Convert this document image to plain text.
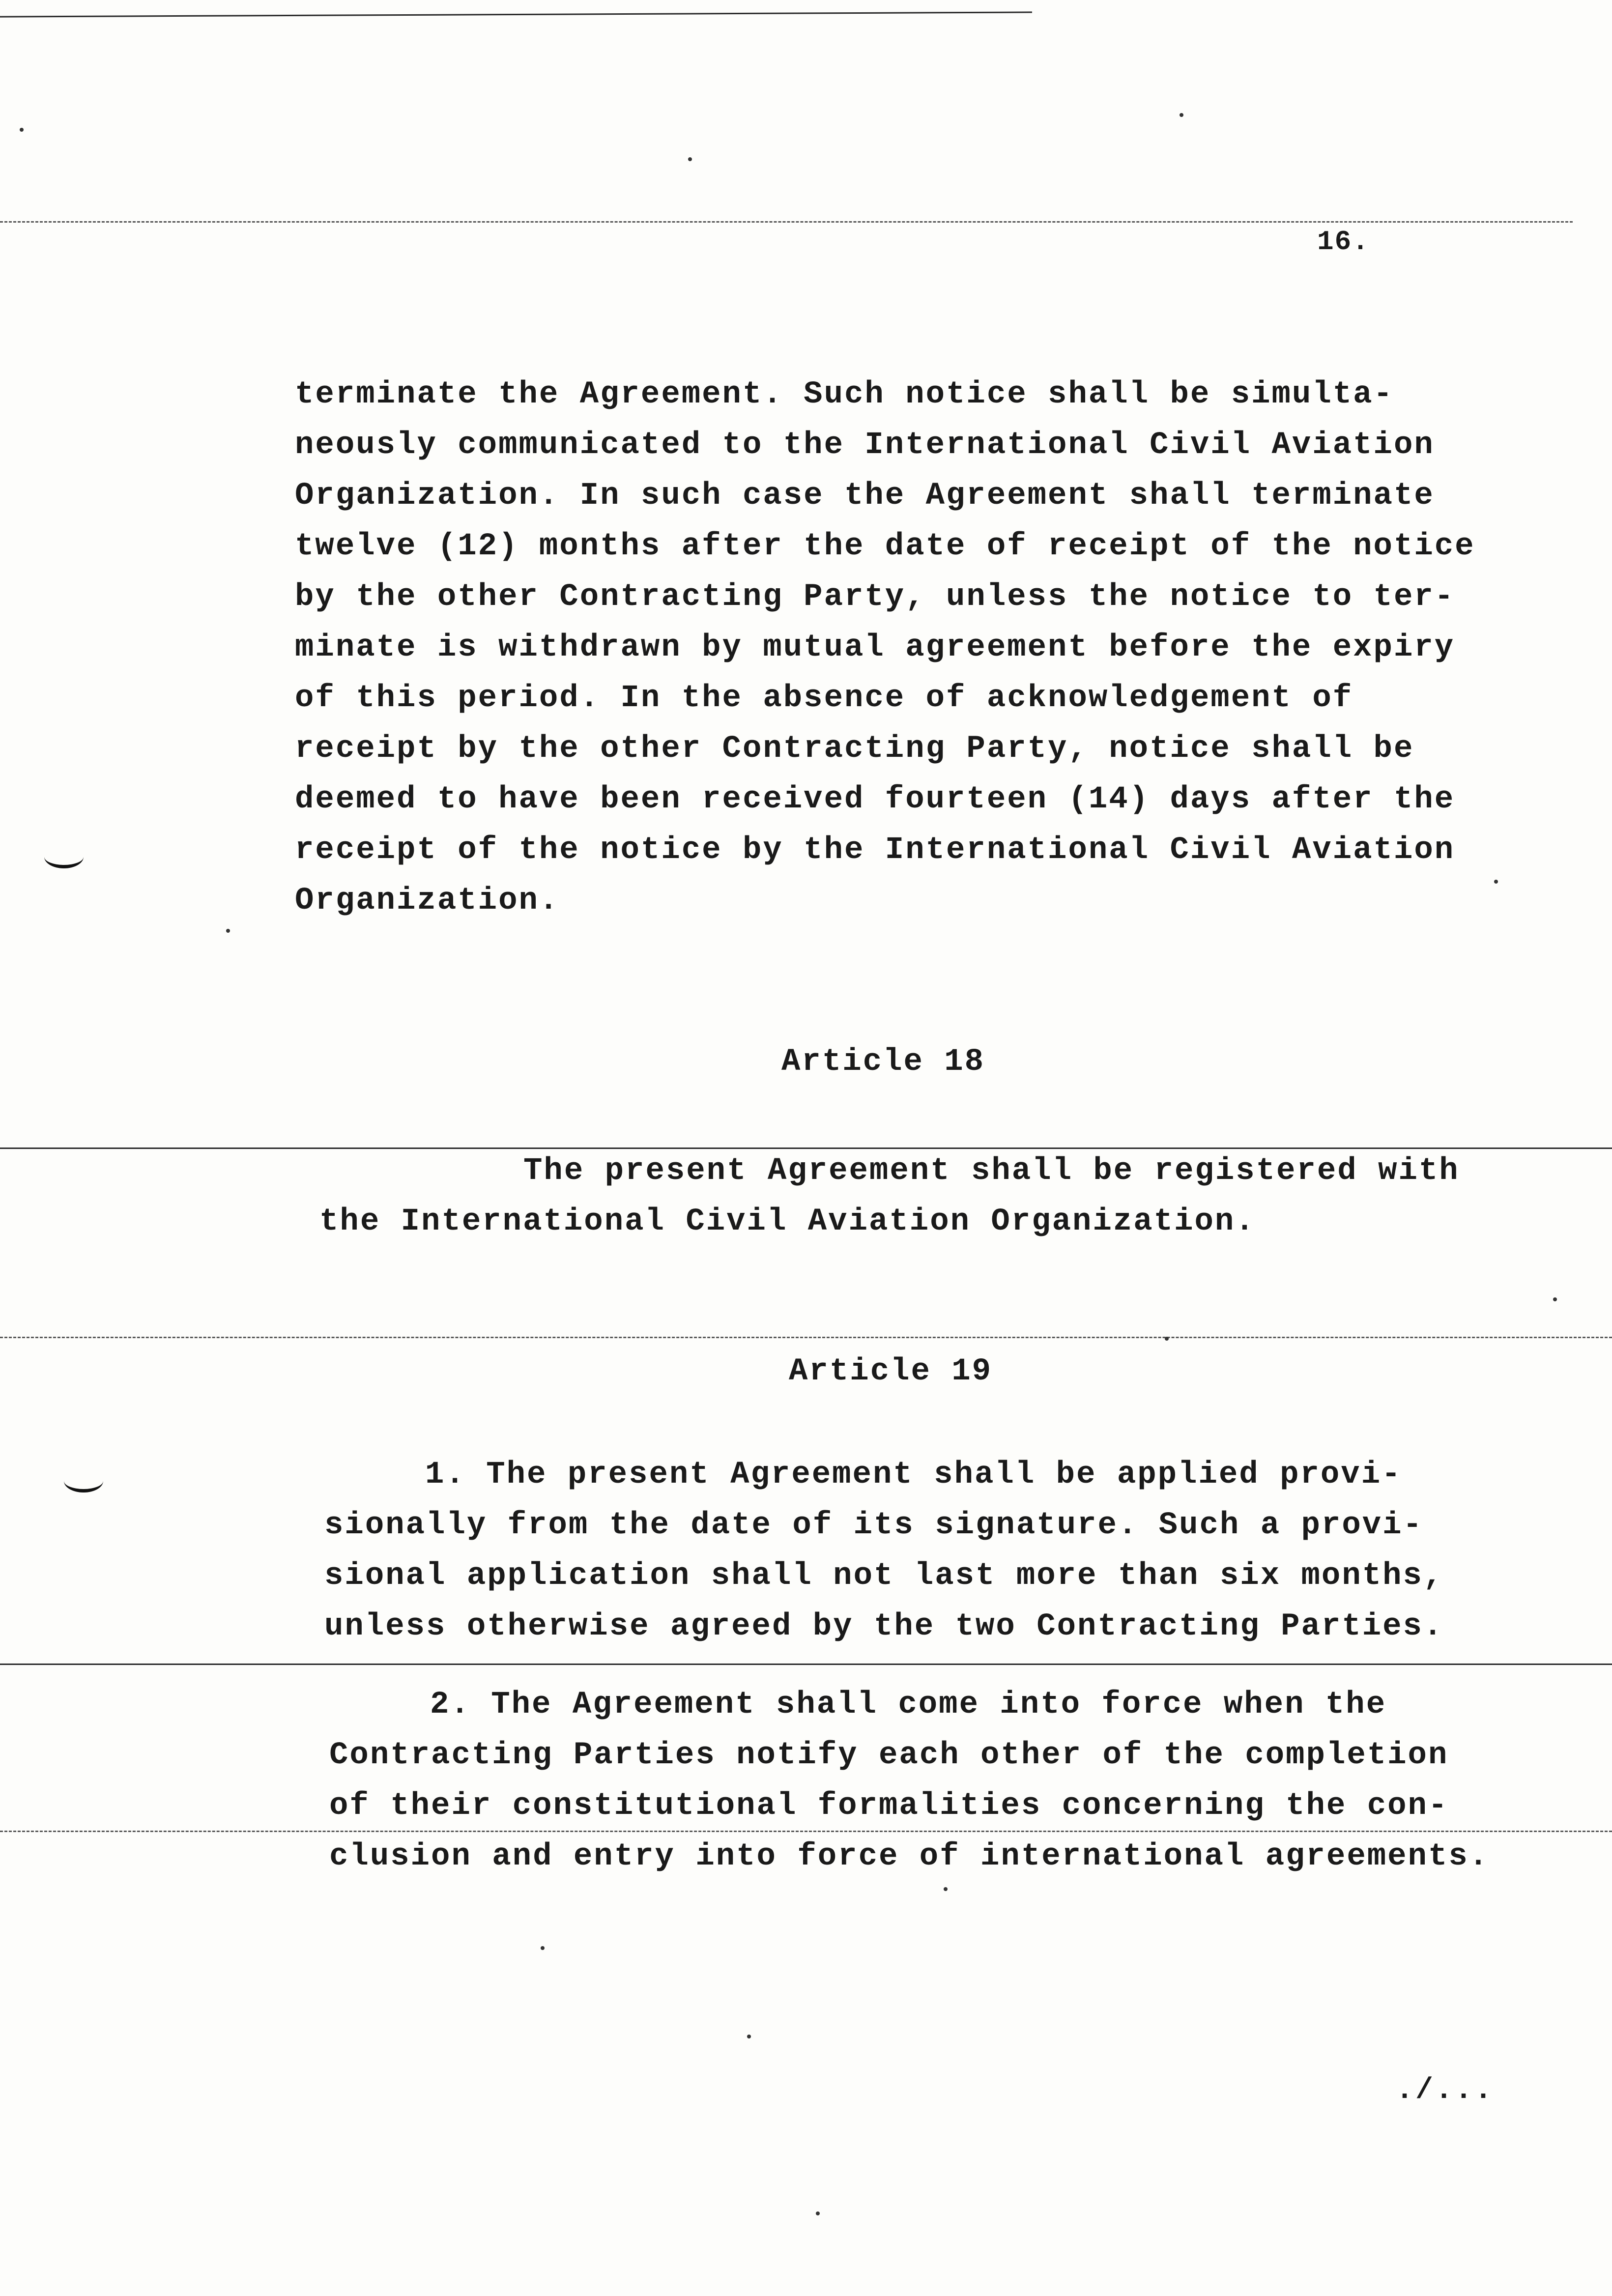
16.
terminate the Agreement. Such notice shall be simulta-
neously communicated to the International Civil Aviation
Organization. In such case the Agreement shall terminate
twelve (12) months after the date of receipt of the notice
by the other Contracting Party, unless the notice to ter-
minate is withdrawn by mutual agreement before the expiry
of this period. In the absence of acknowledgement of
receipt by the other Contracting Party, notice shall be
deemed to have been received fourteen (14) days after the
receipt of the notice by the International Civil Aviation
Organization.
Article 18
The present Agreement shall be registered with
the International Civil Aviation Organization.
Article 19
1. The present Agreement shall be applied provi-
sionally from the date of its signature. Such a provi-
sional application shall not last more than six months,
unless otherwise agreed by the two Contracting Parties.
2. The Agreement shall come into force when the
Contracting Parties notify each other of the completion
of their constitutional formalities concerning the con-
clusion and entry into force of international agreements.
./...
